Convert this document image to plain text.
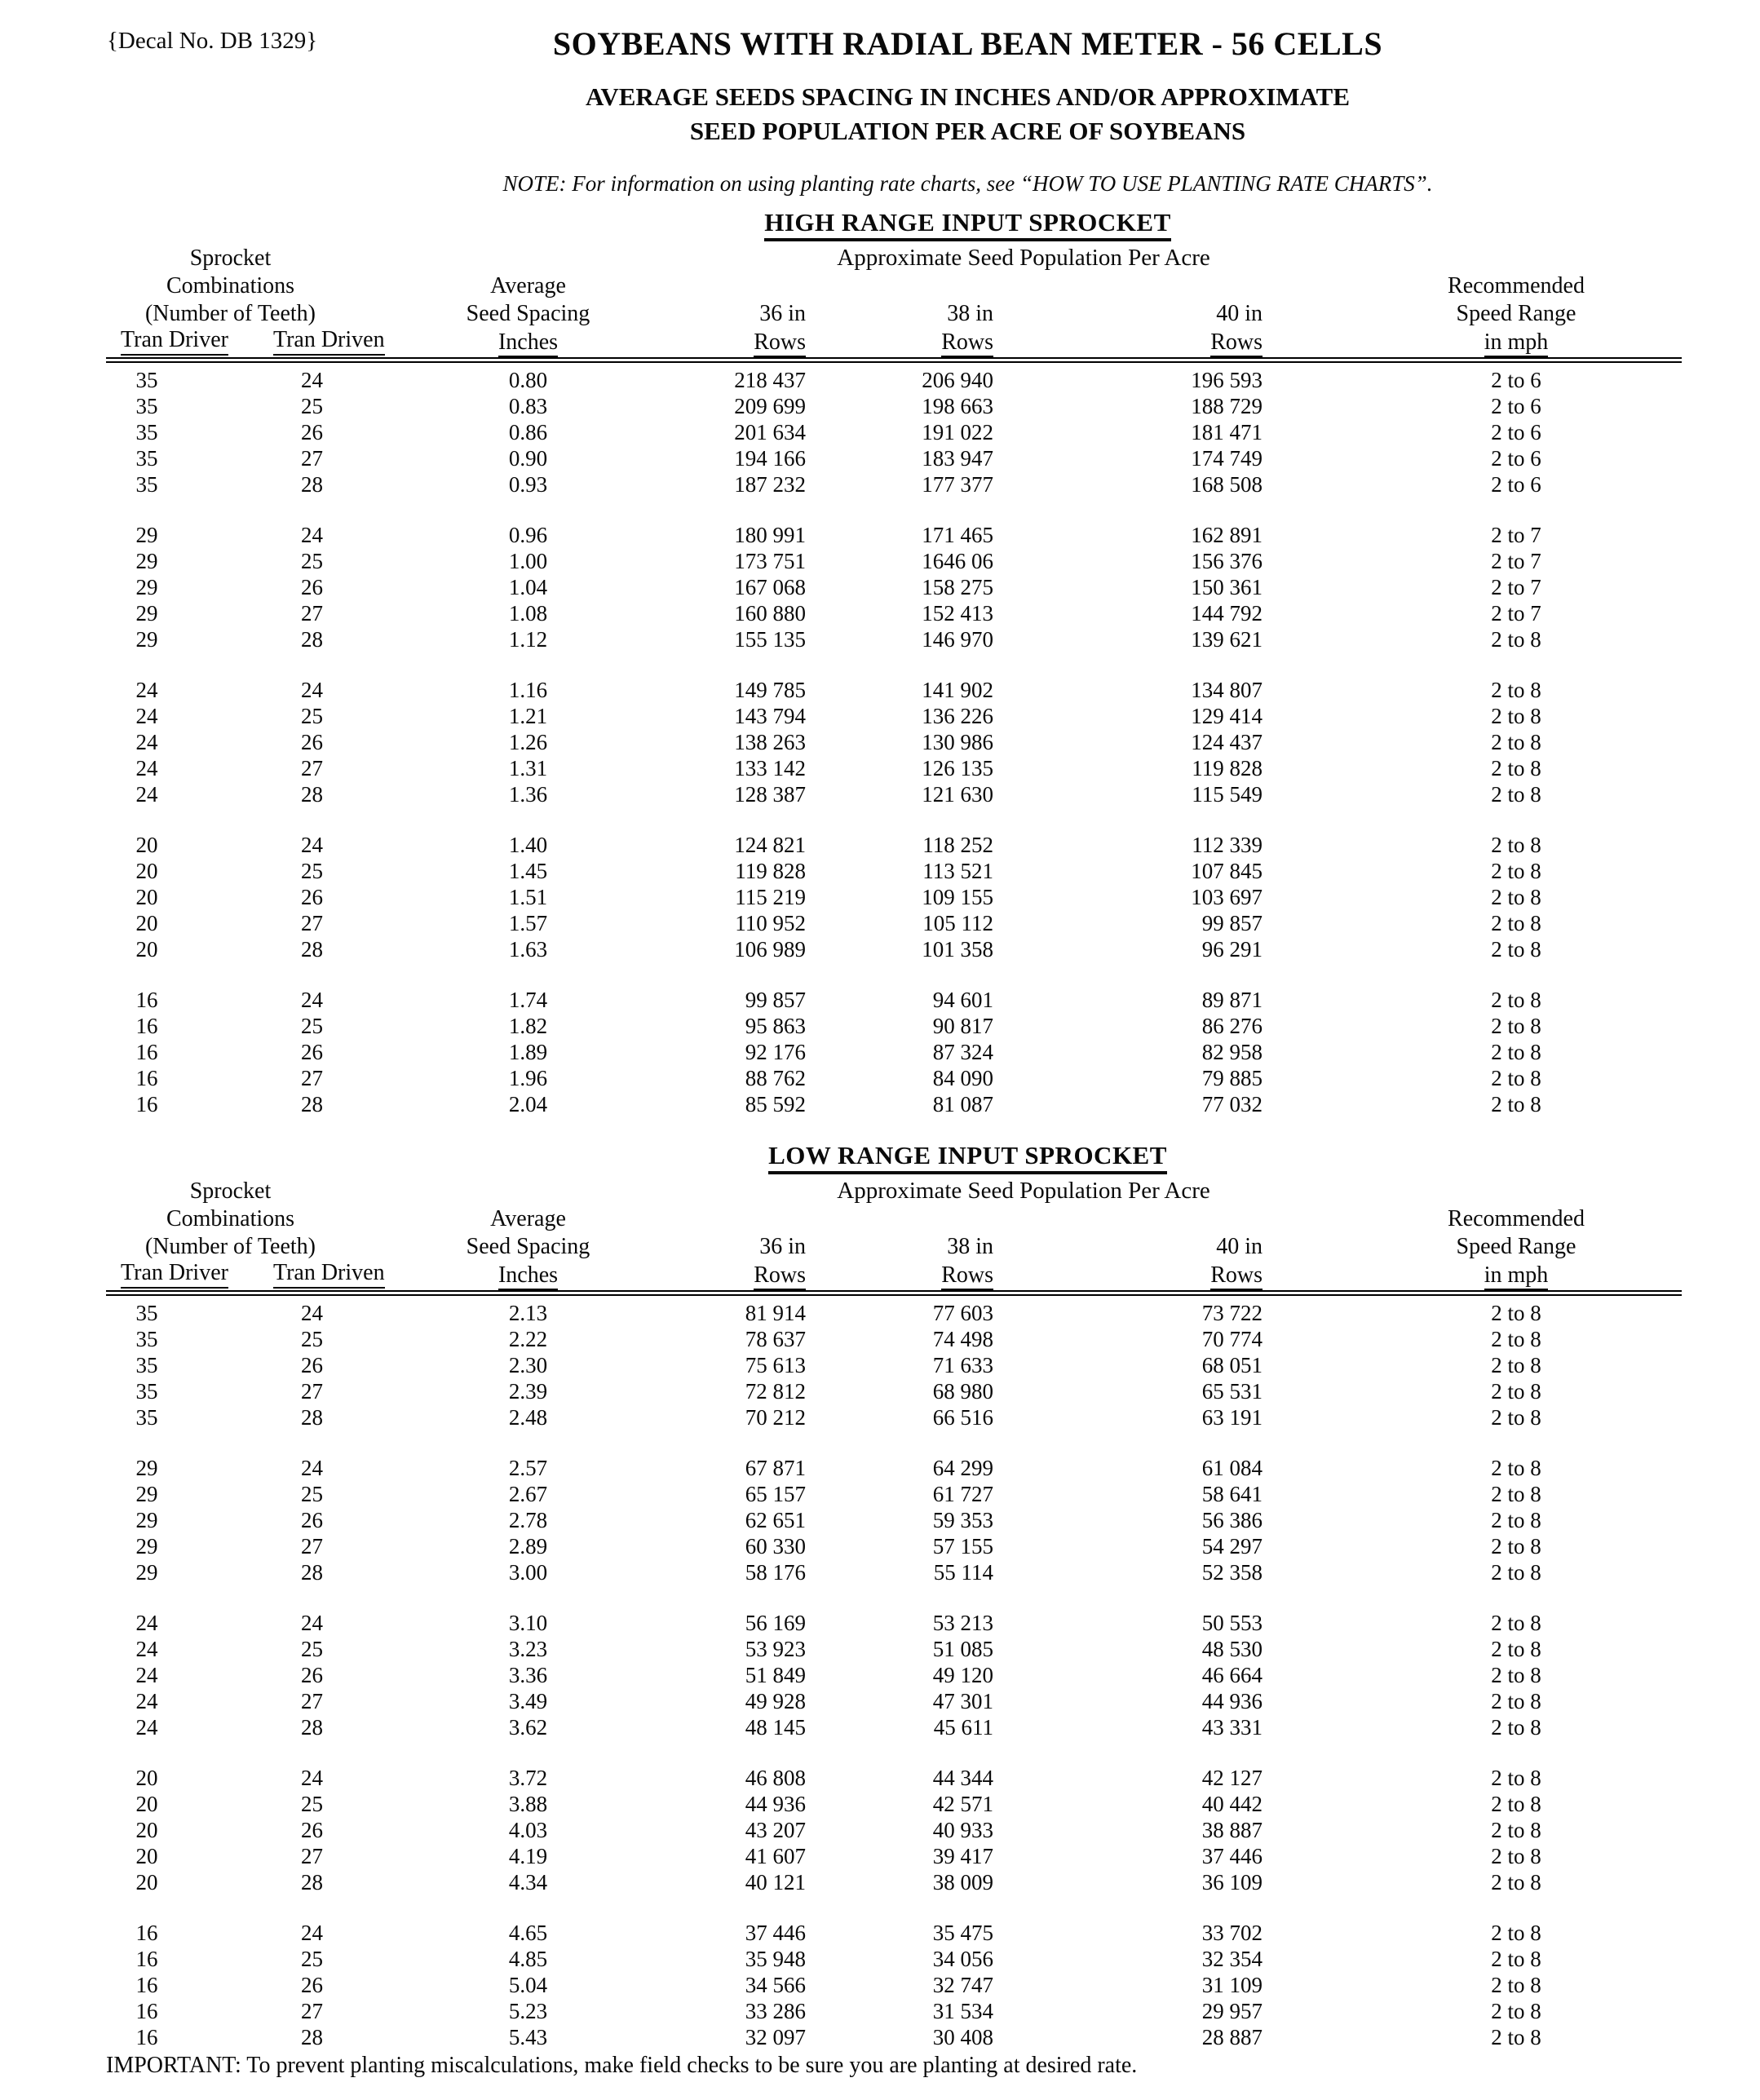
{Decal No. DB 1329}	SOYBEANS WITH RADIAL BEAN METER - 56 CELLS
AVERAGE SEEDS SPACING IN INCHES AND/OR APPROXIMATE
SEED POPULATION PER ACRE OF SOYBEANS
NOTE: For information on using planting rate charts, see “HOW TO USE PLANTING RATE CHARTS”.
HIGH RANGE INPUT SPROCKET
Sprocket	Approximate Seed Population Per Acre
Combinations	Average	Recommended
(Number of Teeth)	Seed Spacing	36 in	38 in	40 in	Speed Range
Tran Driver Tran Driven	Inches	Rows	Rows	Rows	in mph
35	24	0.80	218 437	206 940	196 593	2 to 6
35	25	0.83	209 699	198 663	188 729	2 to 6
35	26	0.86	201 634	191 022	181 471	2 to 6
35	27	0.90	194 166	183 947	174 749	2 to 6
35	28	0.93	187 232	177 377	168 508	2 to 6
29	24	0.96	180 991	171 465	162 891	2 to 7
29	25	1.00	173 751	1646 06	156 376	2 to 7
29	26	1.04	167 068	158 275	150 361	2 to 7
29	27	1.08	160 880	152 413	144 792	2 to 7
29	28	1.12	155 135	146 970	139 621	2 to 8
24	24	1.16	149 785	141 902	134 807	2 to 8
24	25	1.21	143 794	136 226	129 414	2 to 8
24	26	1.26	138 263	130 986	124 437	2 to 8
24	27	1.31	133 142	126 135	119 828	2 to 8
24	28	1.36	128 387	121 630	115 549	2 to 8
20	24	1.40	124 821	118 252	112 339	2 to 8
20	25	1.45	119 828	113 521	107 845	2 to 8
20	26	1.51	115 219	109 155	103 697	2 to 8
20	27	1.57	110 952	105 112	99 857	2 to 8
20	28	1.63	106 989	101 358	96 291	2 to 8
16	24	1.74	99 857	94 601	89 871	2 to 8
16	25	1.82	95 863	90 817	86 276	2 to 8
16	26	1.89	92 176	87 324	82 958	2 to 8
16	27	1.96	88 762	84 090	79 885	2 to 8
16	28	2.04	85 592	81 087	77 032	2 to 8
LOW RANGE INPUT SPROCKET
Sprocket	Approximate Seed Population Per Acre
Combinations	Average	Recommended
(Number of Teeth)	Seed Spacing	36 in	38 in	40 in	Speed Range
Tran Driver Tran Driven	Inches	Rows	Rows	Rows	in mph
35	24	2.13	81 914	77 603	73 722	2 to 8
35	25	2.22	78 637	74 498	70 774	2 to 8
35	26	2.30	75 613	71 633	68 051	2 to 8
35	27	2.39	72 812	68 980	65 531	2 to 8
35	28	2.48	70 212	66 516	63 191	2 to 8
29	24	2.57	67 871	64 299	61 084	2 to 8
29	25	2.67	65 157	61 727	58 641	2 to 8
29	26	2.78	62 651	59 353	56 386	2 to 8
29	27	2.89	60 330	57 155	54 297	2 to 8
29	28	3.00	58 176	55 114	52 358	2 to 8
24	24	3.10	56 169	53 213	50 553	2 to 8
24	25	3.23	53 923	51 085	48 530	2 to 8
24	26	3.36	51 849	49 120	46 664	2 to 8
24	27	3.49	49 928	47 301	44 936	2 to 8
24	28	3.62	48 145	45 611	43 331	2 to 8
20	24	3.72	46 808	44 344	42 127	2 to 8
20	25	3.88	44 936	42 571	40 442	2 to 8
20	26	4.03	43 207	40 933	38 887	2 to 8
20	27	4.19	41 607	39 417	37 446	2 to 8
20	28	4.34	40 121	38 009	36 109	2 to 8
16	24	4.65	37 446	35 475	33 702	2 to 8
16	25	4.85	35 948	34 056	32 354	2 to 8
16	26	5.04	34 566	32 747	31 109	2 to 8
16	27	5.23	33 286	31 534	29 957	2 to 8
16	28	5.43	32 097	30 408	28 887	2 to 8
IMPORTANT: To prevent planting miscalculations, make field checks to be sure you are planting at desired rate.
